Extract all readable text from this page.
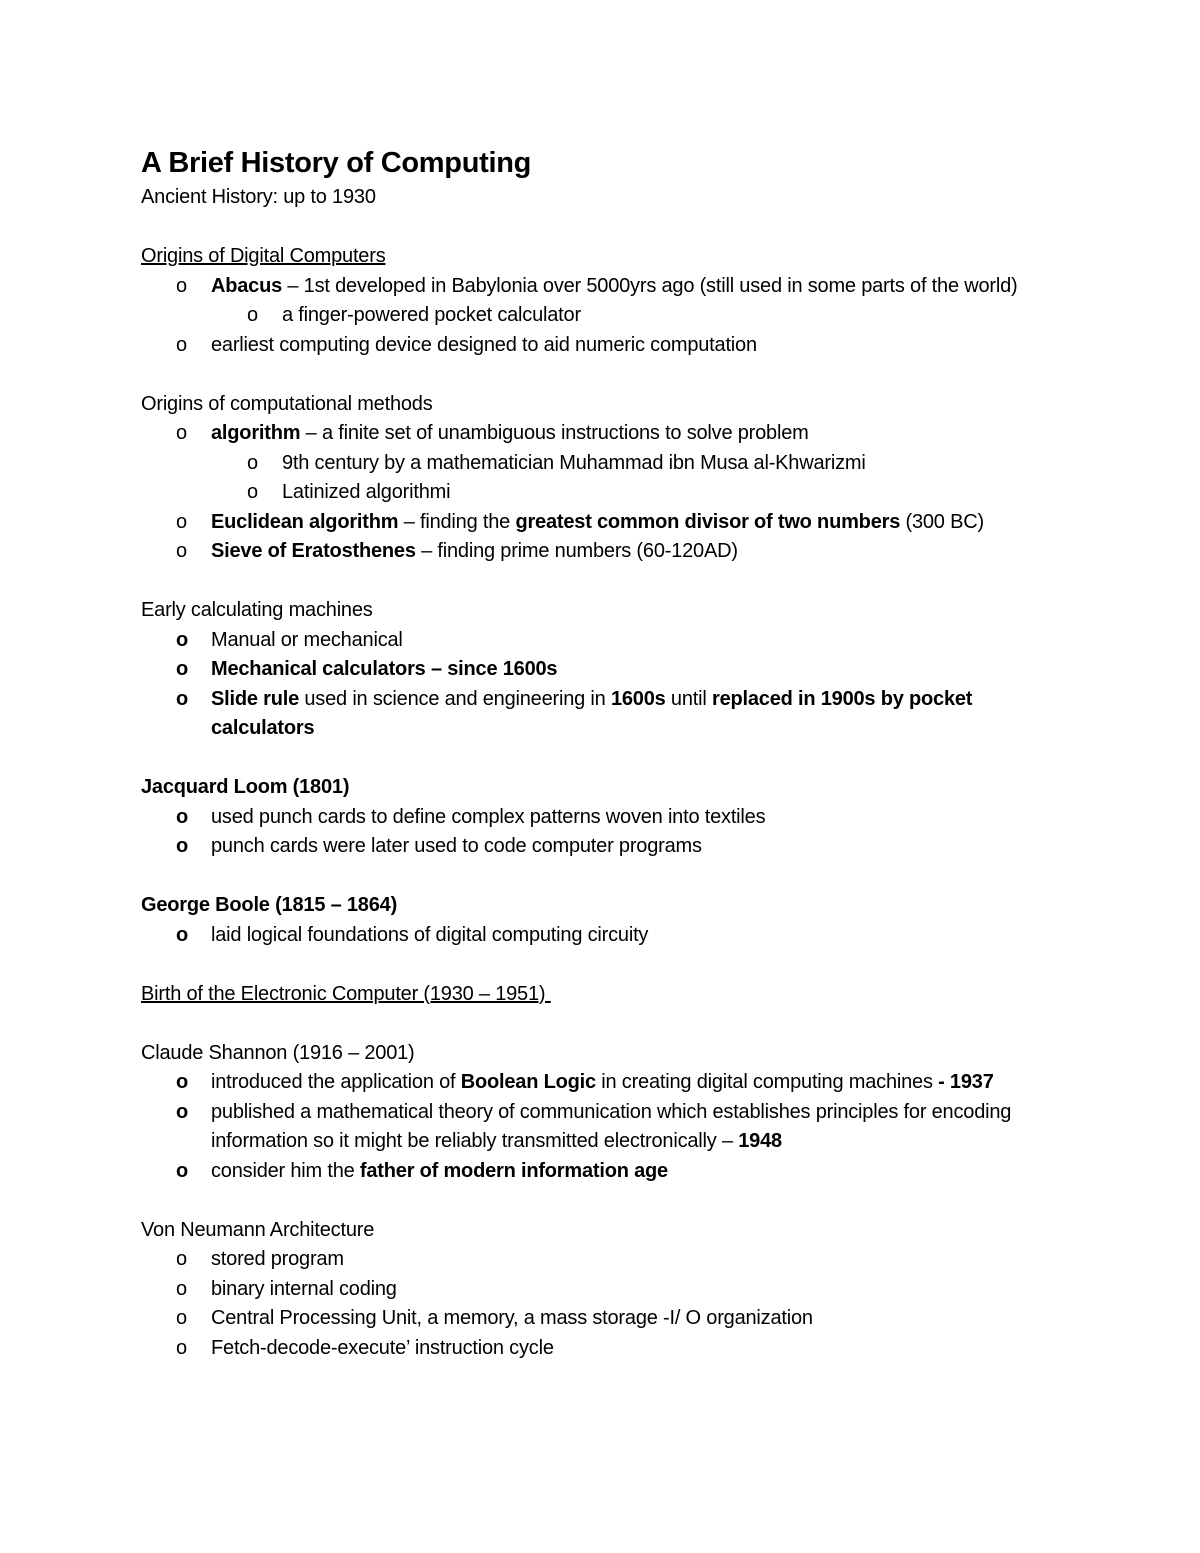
A Brief History of Computing
Ancient History: up to 1930
Origins of Digital Computers
o Abacus – 1st developed in Babylonia over 5000yrs ago (still used in some parts of the world)
o a finger-powered pocket calculator
o earliest computing device designed to aid numeric computation
Origins of computational methods
o algorithm – a finite set of unambiguous instructions to solve problem
o 9th century by a mathematician Muhammad ibn Musa al-Khwarizmi
o Latinized algorithmi
o Euclidean algorithm – finding the greatest common divisor of two numbers (300 BC)
o Sieve of Eratosthenes – finding prime numbers (60-120AD)
Early calculating machines
o Manual or mechanical
o Mechanical calculators – since 1600s
o Slide rule used in science and engineering in 1600s until replaced in 1900s by pocket calculators
Jacquard Loom (1801)
o used punch cards to define complex patterns woven into textiles
o punch cards were later used to code computer programs
George Boole (1815 – 1864)
o laid logical foundations of digital computing circuity
Birth of the Electronic Computer (1930 – 1951)
Claude Shannon (1916 – 2001)
o introduced the application of Boolean Logic in creating digital computing machines - 1937
o published a mathematical theory of communication which establishes principles for encoding information so it might be reliably transmitted electronically – 1948
o consider him the father of modern information age
Von Neumann Architecture
o stored program
o binary internal coding
o Central Processing Unit, a memory, a mass storage -I/ O organization
o Fetch-decode-execute’ instruction cycle
